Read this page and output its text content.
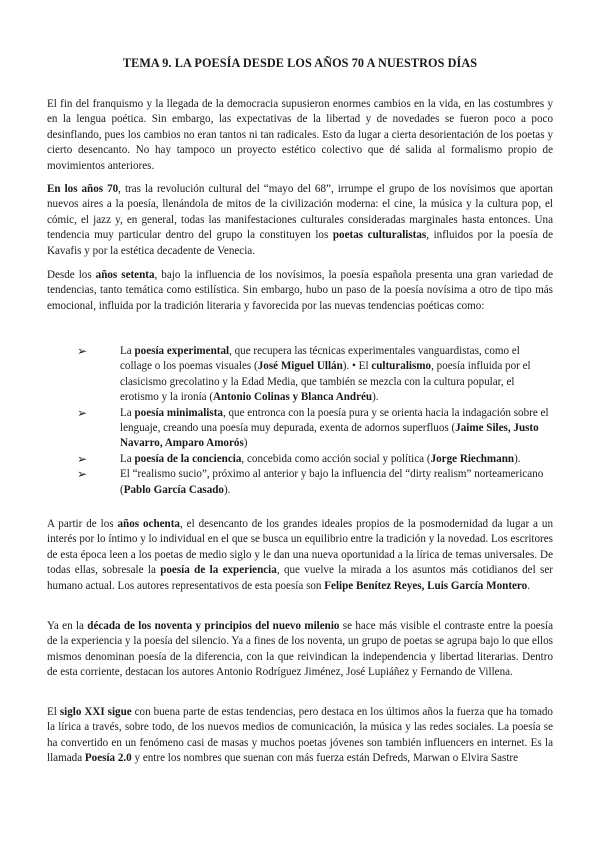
TEMA 9. LA POESÍA DESDE LOS AÑOS 70 A NUESTROS DÍAS

El fin del franquismo y la llegada de la democracia supusieron enormes cambios en la vida, en las costumbres y en la lengua poética. Sin embargo, las expectativas de la libertad y de novedades se fueron poco a poco desinflando, pues los cambios no eran tantos ni tan radicales. Esto da lugar a cierta desorientación de los poetas y cierto desencanto. No hay tampoco un proyecto estético colectivo que dé salida al formalismo propio de movimientos anteriores.

En los años 70, tras la revolución cultural del “mayo del 68”, irrumpe el grupo de los novísimos que aportan nuevos aires a la poesía, llenándola de mitos de la civilización moderna: el cine, la música y la cultura pop, el cómic, el jazz y, en general, todas las manifestaciones culturales consideradas marginales hasta entonces. Una tendencia muy particular dentro del grupo la constituyen los poetas culturalistas, influidos por la poesía de Kavafis y por la estética decadente de Venecia.

Desde los años setenta, bajo la influencia de los novísimos, la poesía española presenta una gran variedad de tendencias, tanto temática como estilística. Sin embargo, hubo un paso de la poesía novísima a otro de tipo más emocional, influida por la tradición literaria y favorecida por las nuevas tendencias poéticas como:

➢	La poesía experimental, que recupera las técnicas experimentales vanguardistas, como el collage o los poemas visuales (José Miguel Ullán). • El culturalismo, poesía influida por el clasicismo grecolatino y la Edad Media, que también se mezcla con la cultura popular, el erotismo y la ironía (Antonio Colinas y Blanca Andréu).
➢	La poesía minimalista, que entronca con la poesía pura y se orienta hacia la indagación sobre el lenguaje, creando una poesía muy depurada, exenta de adornos superfluos (Jaime Siles, Justo Navarro, Amparo Amorós)
➢	La poesía de la conciencia, concebida como acción social y política (Jorge Riechmann).
➢	El “realismo sucio”, próximo al anterior y bajo la influencia del “dirty realism” norteamericano (Pablo García Casado).

A partir de los años ochenta, el desencanto de los grandes ideales propios de la posmodernidad da lugar a un interés por lo íntimo y lo individual en el que se busca un equilibrio entre la tradición y la novedad. Los escritores de esta época leen a los poetas de medio siglo y le dan una nueva oportunidad a la lírica de temas universales. De todas ellas, sobresale la poesía de la experiencia, que vuelve la mirada a los asuntos más cotidianos del ser humano actual. Los autores representativos de esta poesía son Felipe Benítez Reyes, Luis García Montero.

Ya en la década de los noventa y principios del nuevo milenio se hace más visible el contraste entre la poesía de la experiencia y la poesía del silencio. Ya a fines de los noventa, un grupo de poetas se agrupa bajo lo que ellos mismos denominan poesía de la diferencia, con la que reivindican la independencia y libertad literarias. Dentro de esta corriente, destacan los autores Antonio Rodríguez Jiménez, José Lupiáñez y Fernando de Villena.

El siglo XXI sigue con buena parte de estas tendencias, pero destaca en los últimos años la fuerza que ha tomado la lírica a través, sobre todo, de los nuevos medios de comunicación, la música y las redes sociales. La poesía se ha convertido en un fenómeno casi de masas y muchos poetas jóvenes son también influencers en internet. Es la llamada Poesía 2.0 y entre los nombres que suenan con más fuerza están Defreds, Marwan o Elvira Sastre
